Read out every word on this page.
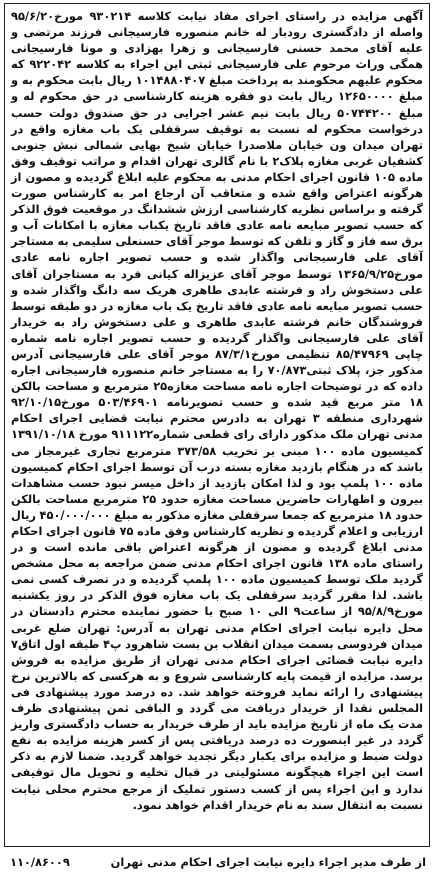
آگهی مزایده در راستای اجرای مفاد نیابت کلاسه ۹۳۰۲۱۴ مورخ۹۵/۶/۲۰ واصله از دادگستری رودبار له خانم منصوره فارسیجانی فرزند مرتضی و علیه آقای محمد حسنی فارسیجانی و زهرا بهزادی و مونا فارسیجانی همگی وراث مرحوم علی فارسیجانی ثبتی این اجراء به کلاسه ۹۲۲۰۴۲ که محکوم علیهم محکومند به پرداخت مبلغ ۱۰۱۴۸۸۰۴۰۷ ریال بابت محکوم به و مبلغ ۱۲۶۵۰۰۰۰ ریال بابت دو فقره هزینه کارشناسی در حق محکوم له و مبلغ ۵۰۷۴۴۲۰۰ ریال بابت نیم عشر اجرایی در حق صندوق دولت حسب درخواست محکوم له نسبت به توقیف سرقفلی یک باب مغازه واقع در تهران میدان ون خیابان ملاصدرا خیابان شیخ بهایی شمالی نبش جنوبی کشفیان غربی مغازه پلاک۲ با نام گالری تهران اقدام و مراتب توقیف وفق ماده ۱۰۵ قانون اجرای احکام مدنی به محکوم علیه ابلاغ گردیده و مصون از هرگونه اعتراض واقع شده و متعاقب آن ارجاع امر به کارشناس صورت گرفته و براساس نظریه کارشناسی ارزش ششدانگ در موقعیت فوق الذکر که حسب تصویر مبایعه نامه عادی فاقد تاریخ یکباب مغازه با امکانات آب و برق سه فاز و گاز و تلفن که توسط موجر آقای حسنعلی سلیمی به مستاجر آقای علی فارسیجانی واگذار شده و حسب تصویر اجاره نامه عادی مورخ۱۳۶۵/۹/۲۵ توسط موجر آقای عزیزاله کیانی فرد به مستاجران آقای علی دستخوش راد و فرشته عابدی طاهری هریک سه دانگ واگذار شده و حسب تصویر مبایعه نامه عادی فاقد تاریخ یک باب مغازه در دو طبقه توسط فروشندگان خانم فرشته عابدی طاهری و علی دستخوش راد به خریدار آقای علی فارسیجانی واگذار گردیده و حسب تصویر اجاره نامه شماره چاپی ۸۵/۴۷۹۶۹ تنظیمی مورخ۸۷/۳/۱ موجر آقای علی فارسیجانی آدرس مذکور جز، پلاک ثبتی۷۰/۸۷۳ را به مستاجر خانم منصوره فارسیجانی اجاره داده که در توضیحات اجاره نامه مساحت مغازه۲۵ مترمربع و مساحت بالکن ۱۸ متر مربع قید شده و حسب تصویرنامه ۵۰۳/۴۶۹۰۱ مورخ۹۲/۱۰/۱۵ شهرداری منطقه ۳ تهران به دادرس محترم نیابت قضایی اجرای احکام مدنی تهران ملک مذکور دارای رای قطعی شماره۹۱۱۱۲۲ مورخ ۱۳۹۱/۱۰/۱۸ کمیسیون ماده ۱۰۰ مبنی بر تخریب ۳۷۳/۵۸ مترمربع تجاری غیرمجاز می باشد که در هنگام بازدید مغازه بسته درب آن توسط اجرای احکام کمیسیون ماده ۱۰۰ پلمپ بود و لذا امکان بازدید از داخل میسر نبود حسب مشاهدات بیرون و اظهارات حاضرین مساحت مغازه حدود ۲۵ مترمربع مساحت بالکن حدود ۱۸ مترمربع که جمعا سرقفلی مغازه مذکور به مبلغ ۴۵۰/۰۰۰/۰۰۰ ریال ارزیابی و اعلام گردیده و نظریه کارشناس وفق ماده ۷۵ قانون اجرای احکام مدنی ابلاغ گردیده و مصون از هرگونه اعتراض باقی مانده است و در راستای ماده ۱۳۸ قانون اجرای احکام مدنی ضمن مراجعه به محل مشخص گردید ملک توسط کمیسیون ماده ۱۰۰ پلمپ گردیده و در تصرف کسی نمی باشد. لذا مقرر گردید سرقفلی یک باب مغازه فوق الذکر در روز یکشنبه مورخ۹۵/۸/۹ از ساعت۹ الی ۱۰ صبح با حضور نماینده محترم دادستان در محل دایره نیابت اجرای احکام مدنی تهران به آدرس: تهران ضلع غربی میدان فردوسی بسمت میدان انقلاب بن بست شاهرود پ۴ طبقه اول اتاق۷ دایره نیابت قضائی اجرای احکام مدنی تهران از طریق مزایده به فروش برسد. مزایده از قیمت پایه کارشناسی شروع و به هرکسی که بالاترین نرخ پیشنهادی را ارائه نماید فروخته خواهد شد. ده درصد مورد پیشنهادی فی المجلس نقدا از خریدار دریافت می گردد و الباقی ثمن پیشنهادی ظرف مدت یک ماه از تاریخ مزایده باید از طرف خریدار به حساب دادگستری واریز گردد در غیر اینصورت ده درصد دریافتی پس از کسر هزینه مزایده به نفع دولت ضبط و مزایده برای یکبار دیگر تجدید خواهد گردید. ضمنا لازم به ذکر است این اجراء هیچگونه مسئولیتی در قبال تخلیه و تحویل مال توقیفی ندارد و این اجراء پس از کسب دستور تملیک از مرجع محترم محلی نیابت نسبت به انتقال سند به نام خریدار اقدام خواهد نمود.

از طرف مدیر اجراء دایره نیابت اجرای احکام مدنی تهران
۱۱۰/۸۶۰۰۹
